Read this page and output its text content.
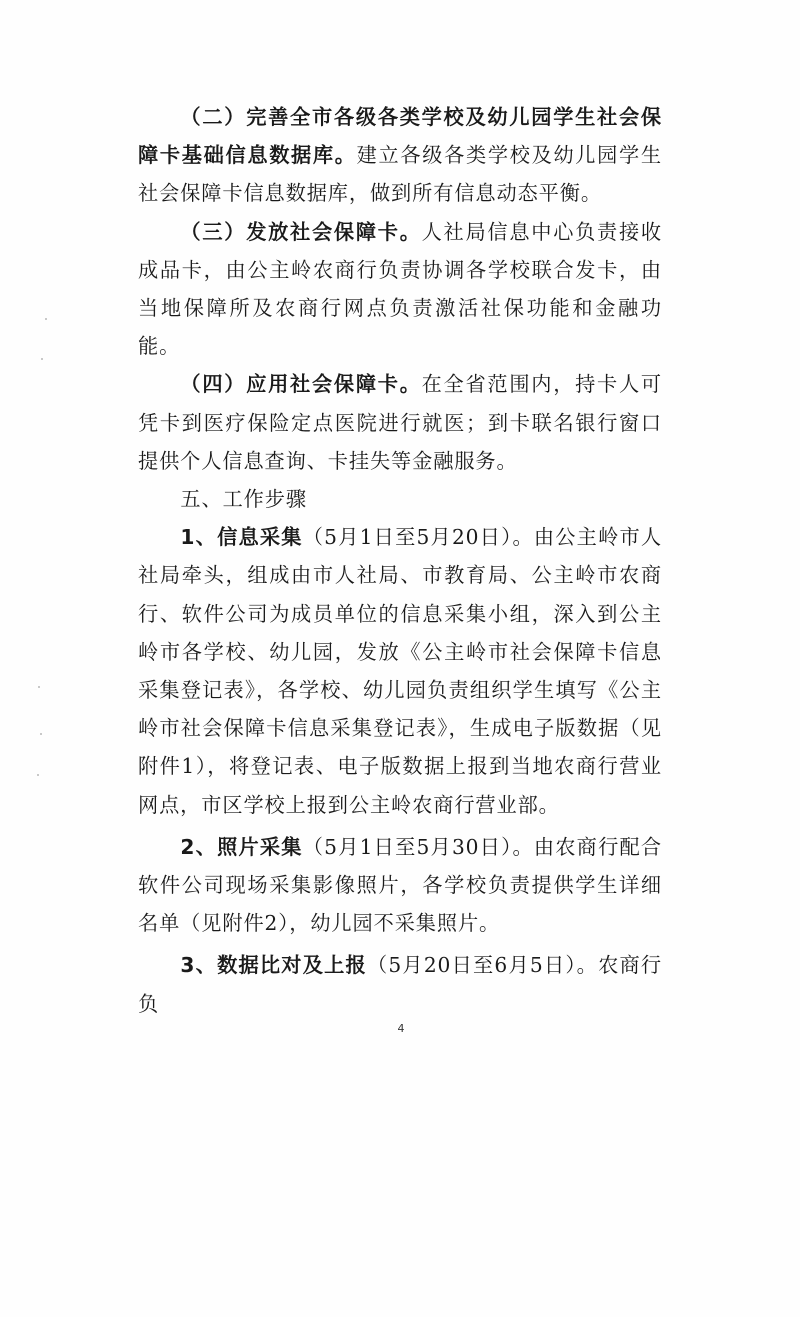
（二）完善全市各级各类学校及幼儿园学生社会保障卡基础信息数据库。建立各级各类学校及幼儿园学生社会保障卡信息数据库，做到所有信息动态平衡。

（三）发放社会保障卡。人社局信息中心负责接收成品卡，由公主岭农商行负责协调各学校联合发卡，由当地保障所及农商行网点负责激活社保功能和金融功能。

（四）应用社会保障卡。在全省范围内，持卡人可凭卡到医疗保险定点医院进行就医；到卡联名银行窗口提供个人信息查询、卡挂失等金融服务。

五、工作步骤

1、信息采集（5月1日至5月20日）。由公主岭市人社局牵头，组成由市人社局、市教育局、公主岭市农商行、软件公司为成员单位的信息采集小组，深入到公主岭市各学校、幼儿园，发放《公主岭市社会保障卡信息采集登记表》，各学校、幼儿园负责组织学生填写《公主岭市社会保障卡信息采集登记表》，生成电子版数据（见附件1），将登记表、电子版数据上报到当地农商行营业网点，市区学校上报到公主岭农商行营业部。

2、照片采集（5月1日至5月30日）。由农商行配合软件公司现场采集影像照片，各学校负责提供学生详细名单（见附件2），幼儿园不采集照片。

3、数据比对及上报（5月20日至6月5日）。农商行负

4
